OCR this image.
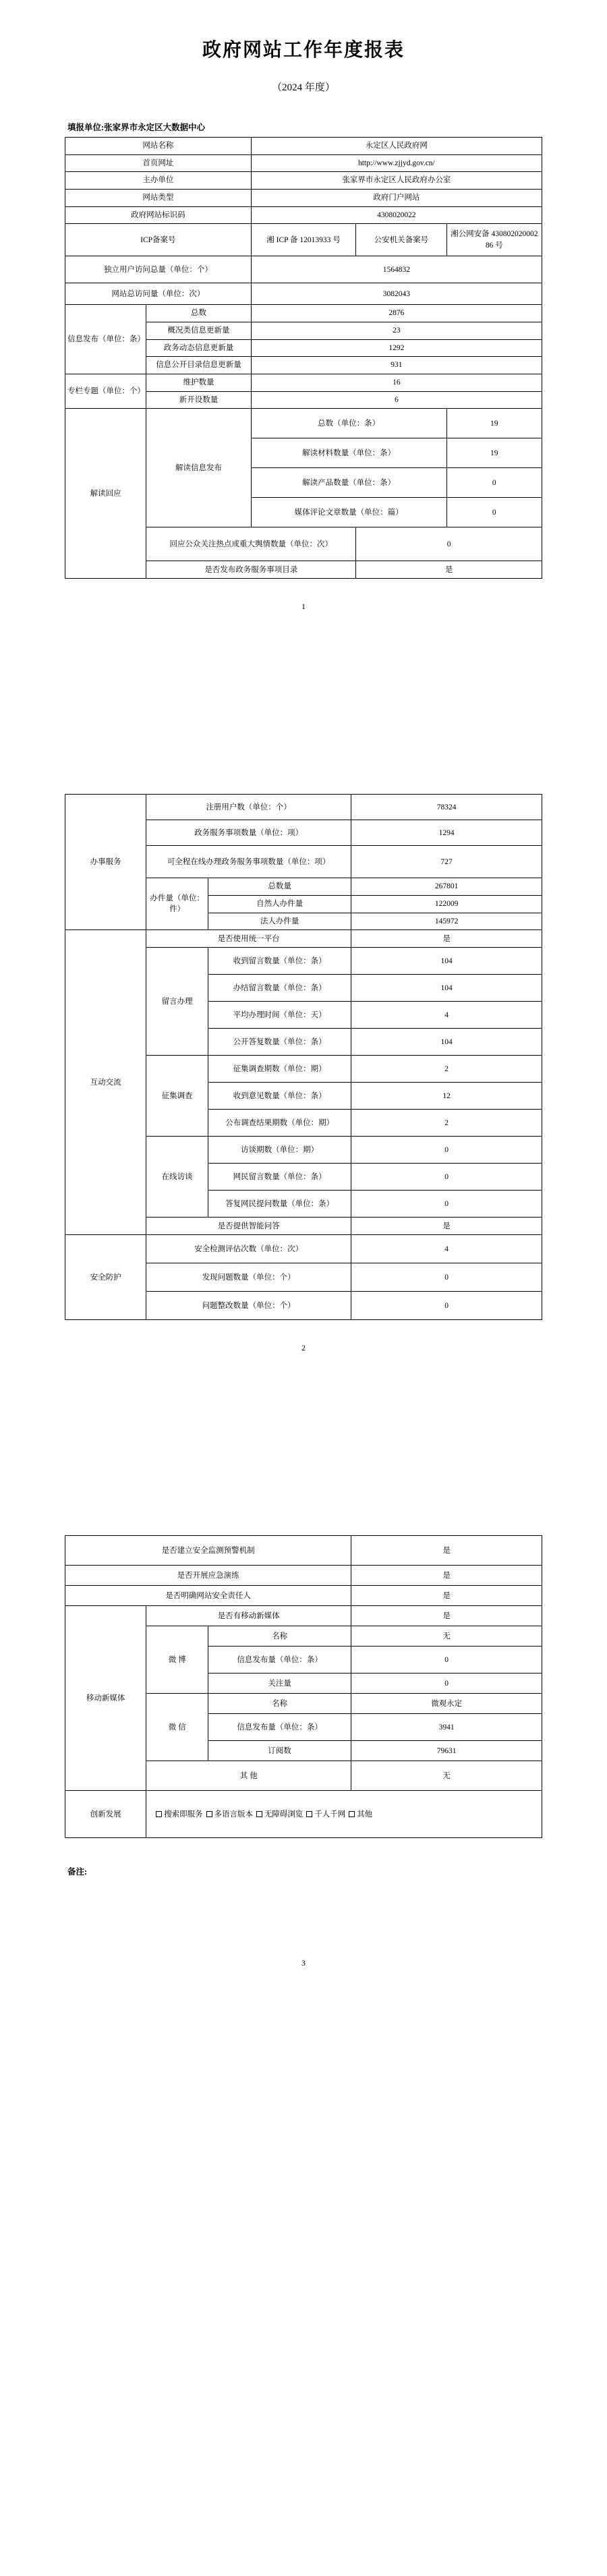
政府网站工作年度报表
（2024 年度）
填报单位:张家界市永定区大数据中心
网站名称		永定区人民政府网		
首页网址		http://www.zjjyd.gov.cn/		
主办单位		张家界市永定区人民政府办公室		
网站类型		政府门户网站		
政府网站标识码		4308020022		
ICP备案号		湘 ICP 备 12013933 号	公安机关备案号	湘公网安备 43080202000286 号
独立用户访问总量（单位：个）		1564832		
网站总访问量（单位：次）		3082043		
信息发布（单位：条）	总数	2876		
	概况类信息更新量	23		
	政务动态信息更新量	1292		
	信息公开目录信息更新量	931		
专栏专题（单位：个）	维护数量	16		
	新开设数量	6		
解读回应	解读信息发布	总数（单位：条）		19
		解读材料数量（单位：条）		19
		解读产品数量（单位：条）		0
		媒体评论文章数量（单位：篇）		0
	回应公众关注热点或重大舆情数量（单位：次）		0	
	是否发布政务服务事项目录		是	
1
办事服务	注册用户数（单位：个）		78324
	政务服务事项数量（单位：项）		1294
	可全程在线办理政务服务事项数量（单位：项）		727
	办件量（单位：件）	总数量	267801
		自然人办件量	122009
		法人办件量	145972
互动交流	是否使用统一平台		是
	留言办理	收到留言数量（单位：条）	104
		办结留言数量（单位：条）	104
		平均办理时间（单位：天）	4
		公开答复数量（单位：条）	104
	征集调查	征集调查期数（单位：期）	2
		收到意见数量（单位：条）	12
		公布调查结果期数（单位：期）	2
	在线访谈	访谈期数（单位：期）	0
		网民留言数量（单位：条）	0
		答复网民提问数量（单位：条）	0
	是否提供智能问答		是
安全防护	安全检测评估次数（单位：次）		4
	发现问题数量（单位：个）		0
	问题整改数量（单位：个）		0
2
是否建立安全监测预警机制			是
是否开展应急演练			是
是否明确网站安全责任人			是
移动新媒体	是否有移动新媒体		是
	微 博	名称	无
		信息发布量（单位：条）	0
		关注量	0
	微 信	名称	微观永定
		信息发布量（单位：条）	3941
		订阅数	79631
	其 他		无
创新发展	搜索即服务 多语言版本 无障碍浏览 千人千网 其他		
备注:
3
